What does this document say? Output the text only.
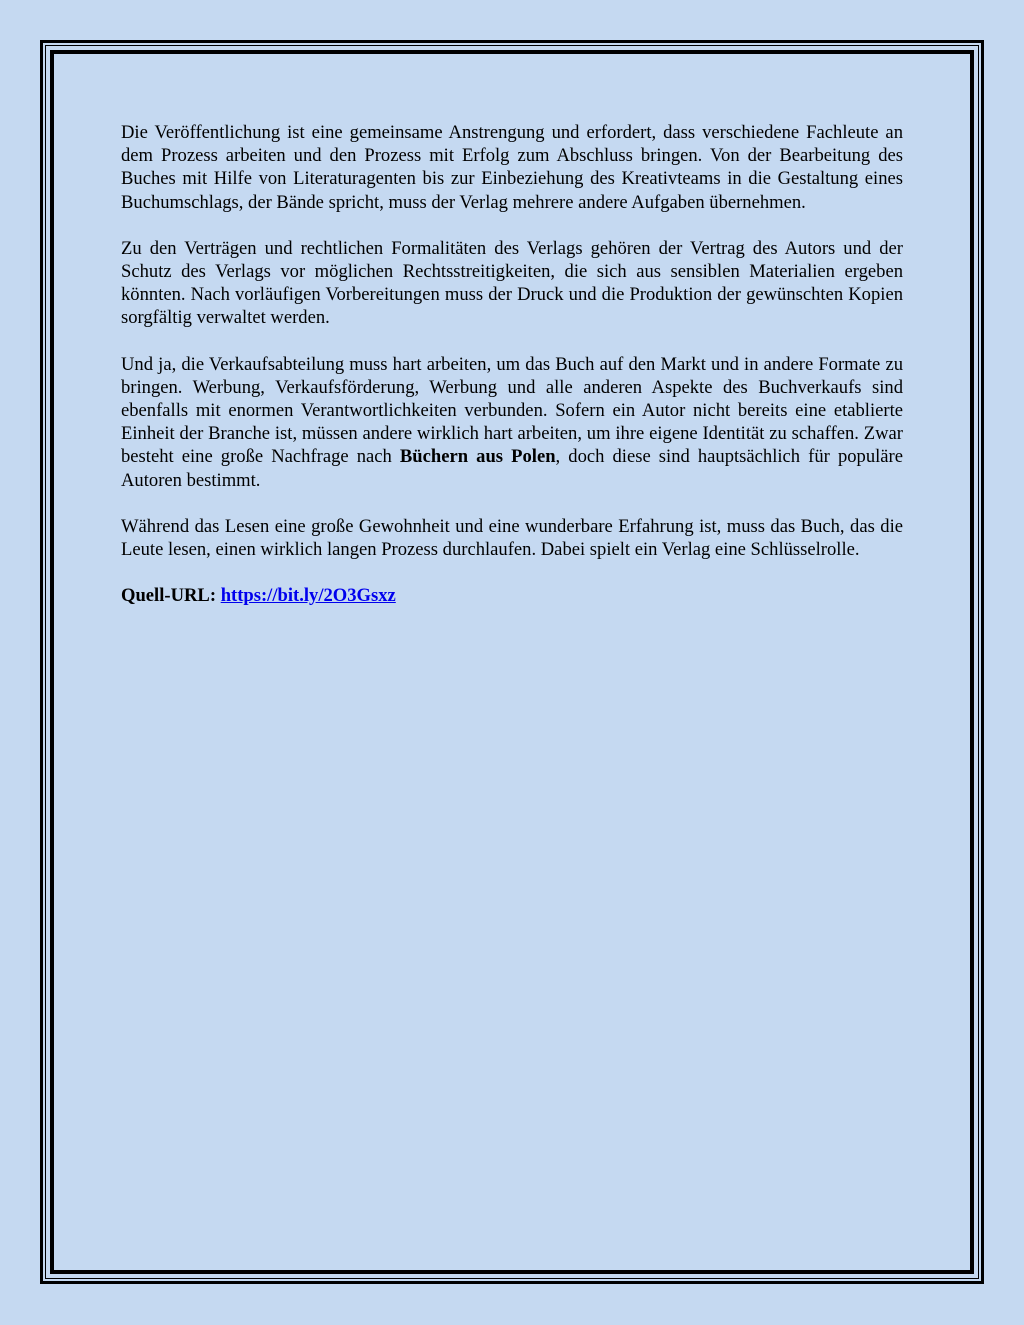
Die Veröffentlichung ist eine gemeinsame Anstrengung und erfordert, dass verschiedene Fachleute an dem Prozess arbeiten und den Prozess mit Erfolg zum Abschluss bringen. Von der Bearbeitung des Buches mit Hilfe von Literaturagenten bis zur Einbeziehung des Kreativteams in die Gestaltung eines Buchumschlags, der Bände spricht, muss der Verlag mehrere andere Aufgaben übernehmen.

Zu den Verträgen und rechtlichen Formalitäten des Verlags gehören der Vertrag des Autors und der Schutz des Verlags vor möglichen Rechtsstreitigkeiten, die sich aus sensiblen Materialien ergeben könnten. Nach vorläufigen Vorbereitungen muss der Druck und die Produktion der gewünschten Kopien sorgfältig verwaltet werden.

Und ja, die Verkaufsabteilung muss hart arbeiten, um das Buch auf den Markt und in andere Formate zu bringen. Werbung, Verkaufsförderung, Werbung und alle anderen Aspekte des Buchverkaufs sind ebenfalls mit enormen Verantwortlichkeiten verbunden. Sofern ein Autor nicht bereits eine etablierte Einheit der Branche ist, müssen andere wirklich hart arbeiten, um ihre eigene Identität zu schaffen. Zwar besteht eine große Nachfrage nach Büchern aus Polen, doch diese sind hauptsächlich für populäre Autoren bestimmt.

Während das Lesen eine große Gewohnheit und eine wunderbare Erfahrung ist, muss das Buch, das die Leute lesen, einen wirklich langen Prozess durchlaufen. Dabei spielt ein Verlag eine Schlüsselrolle.

Quell-URL: https://bit.ly/2O3Gsxz
